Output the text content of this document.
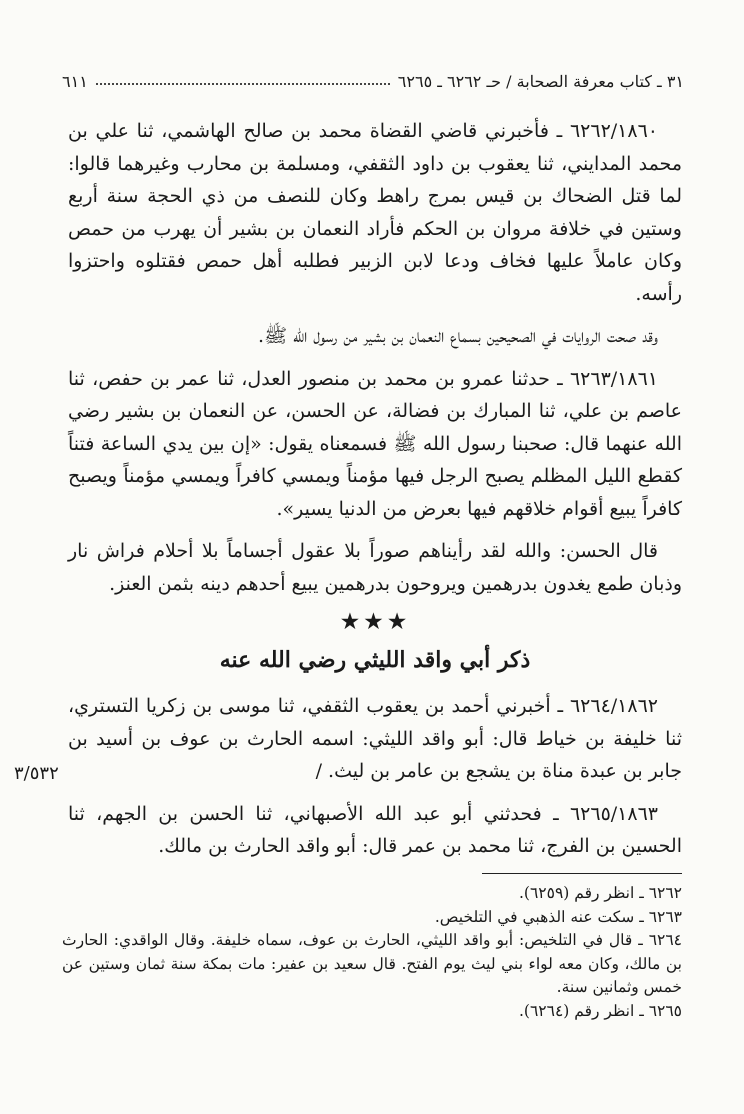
٣١ ـ كتاب معرفة الصحابة / حـ ٦٢٦٢ ـ ٦٢٦٥
٦١١

٦٢٦٢/١٨٦٠ ـ فأخبرني قاضي القضاة محمد بن صالح الهاشمي، ثنا علي بن محمد المدايني، ثنا يعقوب بن داود الثقفي، ومسلمة بن محارب وغيرهما قالوا: لما قتل الضحاك بن قيس بمرج راهط وكان للنصف من ذي الحجة سنة أربع وستين في خلافة مروان بن الحكم فأراد النعمان بن بشير أن يهرب من حمص وكان عاملاً عليها فخاف ودعا لابن الزبير فطلبه أهل حمص فقتلوه واحتزوا رأسه.

وقد صحت الروايات في الصحيحين بسماع النعمان بن بشير من رسول الله ﷺ.

٦٢٦٣/١٨٦١ ـ حدثنا عمرو بن محمد بن منصور العدل، ثنا عمر بن حفص، ثنا عاصم بن علي، ثنا المبارك بن فضالة، عن الحسن، عن النعمان بن بشير رضي الله عنهما قال: صحبنا رسول الله ﷺ فسمعناه يقول: «إن بين يدي الساعة فتناً كقطع الليل المظلم يصبح الرجل فيها مؤمناً ويمسي كافراً ويمسي مؤمناً ويصبح كافراً يبيع أقوام خلاقهم فيها بعرض من الدنيا يسير».

قال الحسن: والله لقد رأيناهم صوراً بلا عقول أجساماً بلا أحلام فراش نار وذبان طمع يغدون بدرهمين ويروحون بدرهمين يبيع أحدهم دينه بثمن العنز.

★★★

ذكر أبي واقد الليثي رضي الله عنه

٦٢٦٤/١٨٦٢ ـ أخبرني أحمد بن يعقوب الثقفي، ثنا موسى بن زكريا التستري، ثنا خليفة بن خياط قال: أبو واقد الليثي: اسمه الحارث بن عوف بن أسيد بن جابر بن عبدة مناة بن يشجع بن عامر بن ليث. /

٦٢٦٥/١٨٦٣ ـ فحدثني أبو عبد الله الأصبهاني، ثنا الحسن بن الجهم، ثنا الحسين بن الفرج، ثنا محمد بن عمر قال: أبو واقد الحارث بن مالك.

٣/٥٣٢

٦٢٦٢ ـ انظر رقم (٦٢٥٩).

٦٢٦٣ ـ سكت عنه الذهبي في التلخيص.

٦٢٦٤ ـ قال في التلخيص: أبو واقد الليثي، الحارث بن عوف، سماه خليفة. وقال الواقدي: الحارث بن مالك، وكان معه لواء بني ليث يوم الفتح. قال سعيد بن عفير: مات بمكة سنة ثمان وستين عن خمس وثمانين سنة.

٦٢٦٥ ـ انظر رقم (٦٢٦٤).
